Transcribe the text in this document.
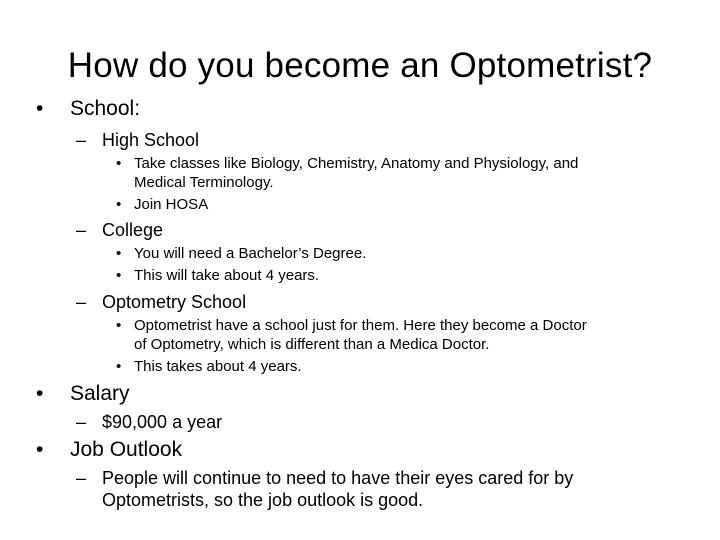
How do you become an Optometrist?
• School:
– High School
• Take classes like Biology, Chemistry, Anatomy and Physiology, and
Medical Terminology.
• Join HOSA
– College
• You will need a Bachelor’s Degree.
• This will take about 4 years.
– Optometry School
• Optometrist have a school just for them. Here they become a Doctor
of Optometry, which is different than a Medica Doctor.
• This takes about 4 years.
• Salary
– $90,000 a year
• Job Outlook
– People will continue to need to have their eyes cared for by
Optometrists, so the job outlook is good.
